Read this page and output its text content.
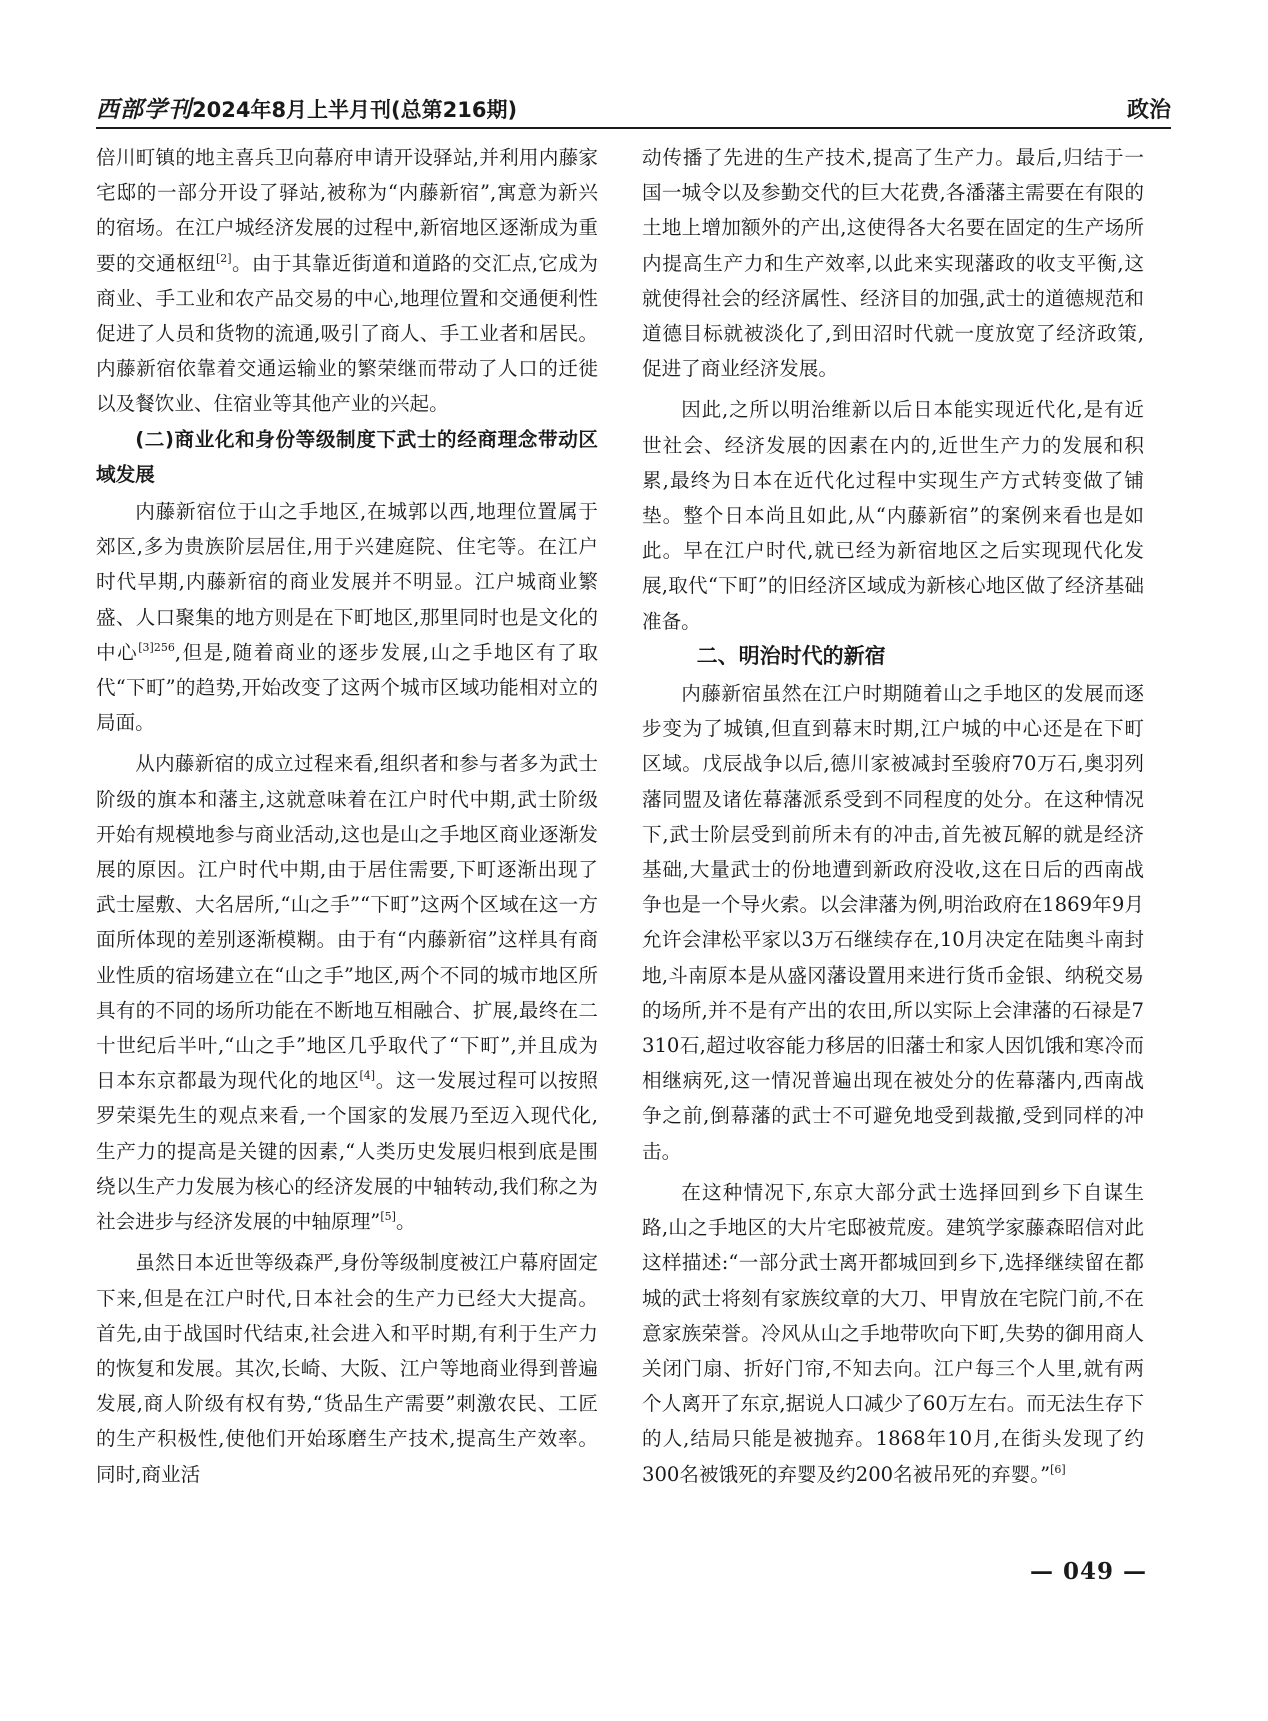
西部学刊2024年8月上半月刊(总第216期)	政治

倍川町镇的地主喜兵卫向幕府申请开设驿站,并利用内藤家宅邸的一部分开设了驿站,被称为“内藤新宿”,寓意为新兴的宿场。在江户城经济发展的过程中,新宿地区逐渐成为重要的交通枢纽[2]。由于其靠近街道和道路的交汇点,它成为商业、手工业和农产品交易的中心,地理位置和交通便利性促进了人员和货物的流通,吸引了商人、手工业者和居民。内藤新宿依靠着交通运输业的繁荣继而带动了人口的迁徙以及餐饮业、住宿业等其他产业的兴起。

(二)商业化和身份等级制度下武士的经商理念带动区域发展

内藤新宿位于山之手地区,在城郭以西,地理位置属于郊区,多为贵族阶层居住,用于兴建庭院、住宅等。在江户时代早期,内藤新宿的商业发展并不明显。江户城商业繁盛、人口聚集的地方则是在下町地区,那里同时也是文化的中心$^{[3]256}$,但是,随着商业的逐步发展,山之手地区有了取代“下町”的趋势,开始改变了这两个城市区域功能相对立的局面。

从内藤新宿的成立过程来看,组织者和参与者多为武士阶级的旗本和藩主,这就意味着在江户时代中期,武士阶级开始有规模地参与商业活动,这也是山之手地区商业逐渐发展的原因。江户时代中期,由于居住需要,下町逐渐出现了武士屋敷、大名居所,“山之手”“下町”这两个区域在这一方面所体现的差别逐渐模糊。由于有“内藤新宿”这样具有商业性质的宿场建立在“山之手”地区,两个不同的城市地区所具有的不同的场所功能在不断地互相融合、扩展,最终在二十世纪后半叶,“山之手”地区几乎取代了“下町”,并且成为日本东京都最为现代化的地区[4]。这一发展过程可以按照罗荣渠先生的观点来看,一个国家的发展乃至迈入现代化,生产力的提高是关键的因素,“人类历史发展归根到底是围绕以生产力发展为核心的经济发展的中轴转动,我们称之为社会进步与经济发展的中轴原理”[5]。

虽然日本近世等级森严,身份等级制度被江户幕府固定下来,但是在江户时代,日本社会的生产力已经大大提高。首先,由于战国时代结束,社会进入和平时期,有利于生产力的恢复和发展。其次,长崎、大阪、江户等地商业得到普遍发展,商人阶级有权有势,“货品生产需要”刺激农民、工匠的生产积极性,使他们开始琢磨生产技术,提高生产效率。同时,商业活

动传播了先进的生产技术,提高了生产力。最后,归结于一国一城令以及参勤交代的巨大花费,各潘藩主需要在有限的土地上增加额外的产出,这使得各大名要在固定的生产场所内提高生产力和生产效率,以此来实现藩政的收支平衡,这就使得社会的经济属性、经济目的加强,武士的道德规范和道德目标就被淡化了,到田沼时代就一度放宽了经济政策,促进了商业经济发展。

因此,之所以明治维新以后日本能实现近代化,是有近世社会、经济发展的因素在内的,近世生产力的发展和积累,最终为日本在近代化过程中实现生产方式转变做了铺垫。整个日本尚且如此,从“内藤新宿”的案例来看也是如此。早在江户时代,就已经为新宿地区之后实现现代化发展,取代“下町”的旧经济区域成为新核心地区做了经济基础准备。

二、明治时代的新宿

内藤新宿虽然在江户时期随着山之手地区的发展而逐步变为了城镇,但直到幕末时期,江户城的中心还是在下町区域。戊辰战争以后,德川家被减封至骏府70万石,奥羽列藩同盟及诸佐幕藩派系受到不同程度的处分。在这种情况下,武士阶层受到前所未有的冲击,首先被瓦解的就是经济基础,大量武士的份地遭到新政府没收,这在日后的西南战争也是一个导火索。以会津藩为例,明治政府在1869年9月允许会津松平家以3万石继续存在,10月决定在陆奥斗南封地,斗南原本是从盛冈藩设置用来进行货币金银、纳税交易的场所,并不是有产出的农田,所以实际上会津藩的石禄是7 310石,超过收容能力移居的旧藩士和家人因饥饿和寒冷而相继病死,这一情况普遍出现在被处分的佐幕藩内,西南战争之前,倒幕藩的武士不可避免地受到裁撤,受到同样的冲击。

在这种情况下,东京大部分武士选择回到乡下自谋生路,山之手地区的大片宅邸被荒废。建筑学家藤森昭信对此这样描述:“一部分武士离开都城回到乡下,选择继续留在都城的武士将刻有家族纹章的大刀、甲胄放在宅院门前,不在意家族荣誉。冷风从山之手地带吹向下町,失势的御用商人关闭门扇、折好门帘,不知去向。江户每三个人里,就有两个人离开了东京,据说人口减少了60万左右。而无法生存下的人,结局只能是被抛弃。1868年10月,在街头发现了约300名被饿死的弃婴及约200名被吊死的弃婴。”[6]

— 049 —
